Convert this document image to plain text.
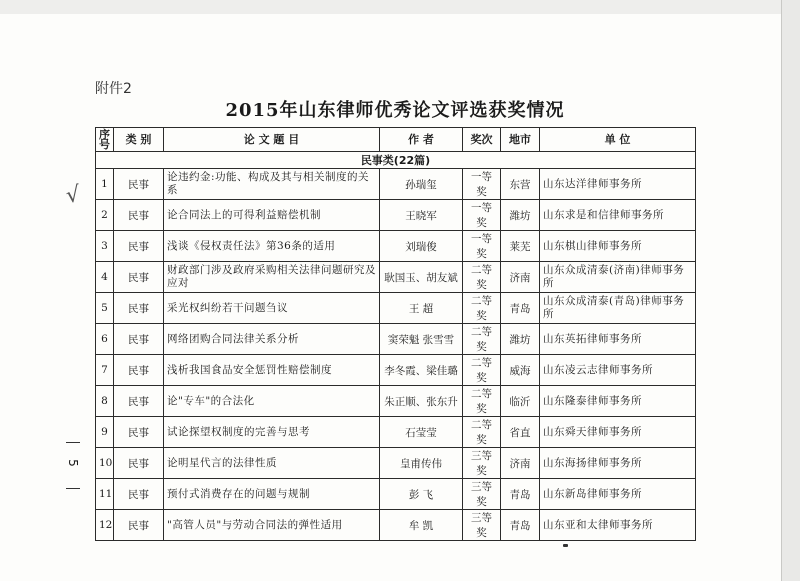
附件2
2015年山东律师优秀论文评选获奖情况
√
序号	类 别	论 文 题 目	作 者	奖次	地市	单 位
民事类(22篇)						
1	民事	论违约金:功能、构成及其与相关制度的关系	孙瑞玺	一等奖	东营	山东达洋律师事务所
2	民事	论合同法上的可得利益赔偿机制	王晓军	一等奖	潍坊	山东求是和信律师事务所
3	民事	浅谈《侵权责任法》第36条的适用	刘瑞俊	一等奖	莱芜	山东棋山律师事务所
4	民事	财政部门涉及政府采购相关法律问题研究及应对	耿国玉、胡友斌	二等奖	济南	山东众成清泰(济南)律师事务所
5	民事	采光权纠纷若干问题刍议	王 超	二等奖	青岛	山东众成清泰(青岛)律师事务所
6	民事	网络团购合同法律关系分析	窦荣魁 张雪雪	二等奖	潍坊	山东英拓律师事务所
7	民事	浅析我国食品安全惩罚性赔偿制度	李冬霞、梁佳璐	二等奖	威海	山东凌云志律师事务所
8	民事	论"专车"的合法化	朱正顺、张东升	二等奖	临沂	山东隆泰律师事务所
9	民事	试论探望权制度的完善与思考	石莹莹	二等奖	省直	山东舜天律师事务所
10	民事	论明星代言的法律性质	皇甫传伟	三等奖	济南	山东海扬律师事务所
11	民事	预付式消费存在的问题与规制	彭 飞	三等奖	青岛	山东新岛律师事务所
12	民事	"高管人员"与劳动合同法的弹性适用	牟 凯	三等奖	青岛	山东亚和太律师事务所
5
